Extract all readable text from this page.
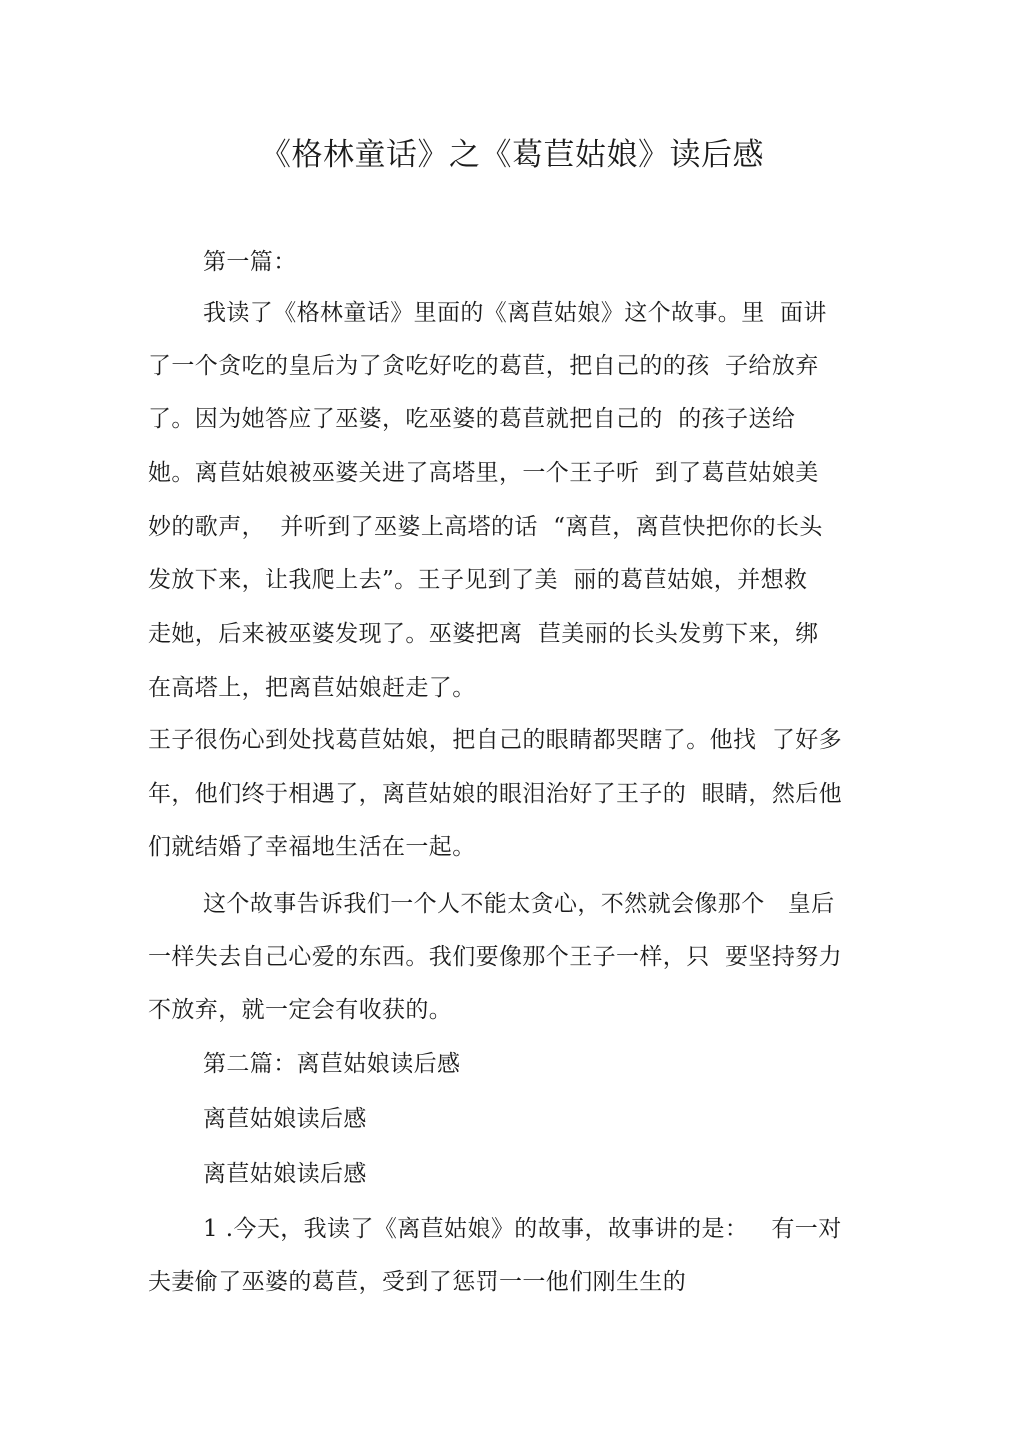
《格林童话》之《葛苣姑娘》读后感
第一篇：
我读了《格林童话》里面的《离苣姑娘》这个故事。里  面讲
了一个贪吃的皇后为了贪吃好吃的葛苣，把自己的的孩  子给放弃
了。因为她答应了巫婆，吃巫婆的葛苣就把自己的  的孩子送给
她。离苣姑娘被巫婆关进了高塔里，一个王子听  到了葛苣姑娘美
妙的歌声，  并听到了巫婆上高塔的话  “离苣，离苣快把你的长头
发放下来，让我爬上去”。王子见到了美  丽的葛苣姑娘，并想救
走她，后来被巫婆发现了。巫婆把离  苣美丽的长头发剪下来，绑
在高塔上，把离苣姑娘赶走了。
王子很伤心到处找葛苣姑娘，把自己的眼睛都哭瞎了。他找  了好多
年，他们终于相遇了，离苣姑娘的眼泪治好了王子的  眼睛，然后他
们就结婚了幸福地生活在一起。
这个故事告诉我们一个人不能太贪心，不然就会像那个   皇后
一样失去自己心爱的东西。我们要像那个王子一样，只  要坚持努力
不放弃，就一定会有收获的。
第二篇：离苣姑娘读后感
离苣姑娘读后感
离苣姑娘读后感
1 .今天，我读了《离苣姑娘》的故事，故事讲的是：   有一对
夫妻偷了巫婆的葛苣，受到了惩罚一一他们刚生生的
